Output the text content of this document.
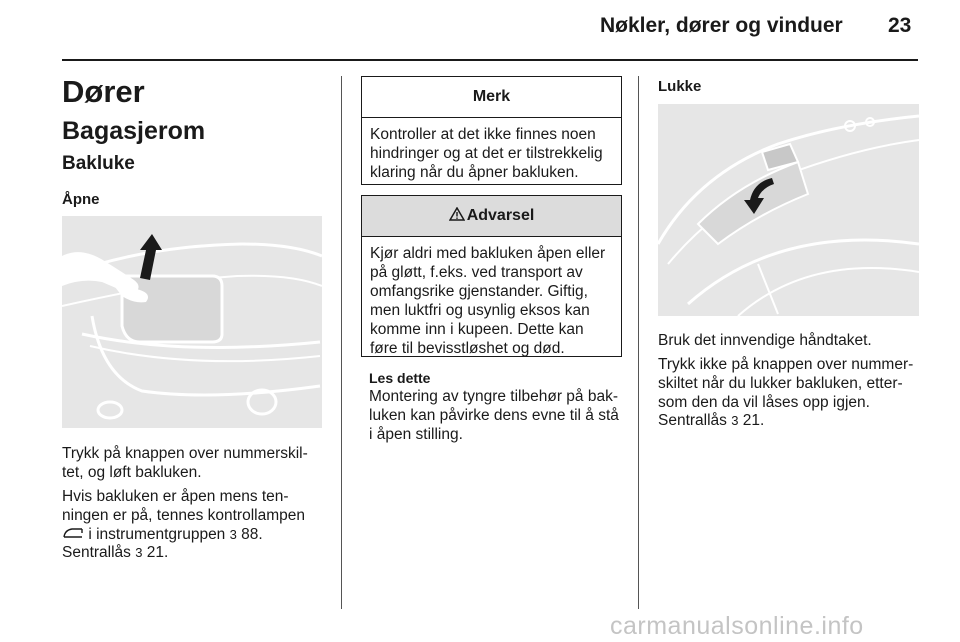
Nøkler, dører og vinduer 23
Dører
Bagasjerom
Bakluke
Åpne

Trykk på knappen over nummerskil-tet, og løft bakluken.

Hvis bakluken er åpen mens ten-
ningen er på, tennes kontrollampen
i instrumentgruppen 3 88.

Sentrallås 3 21.

Merk
Kontroller at det ikke finnes noen hindringer og at det er tilstrekkelig klaring når du åpner bakluken.
Advarsel
Kjør aldri med bakluken åpen eller på gløtt, f.eks. ved transport av omfangsrike gjenstander. Giftig, men luktfri og usynlig eksos kan komme inn i kupeen. Dette kan føre til bevisstløshet og død.
Les dette

Montering av tyngre tilbehør på bak-luken kan påvirke dens evne til å stå i åpen stilling.

Lukke

Bruk det innvendige håndtaket.

Trykk ikke på knappen over nummer-skiltet når du lukker bakluken, etter-som den da vil låses opp igjen.

Sentrallås 3 21.

carmanualsonline.info
